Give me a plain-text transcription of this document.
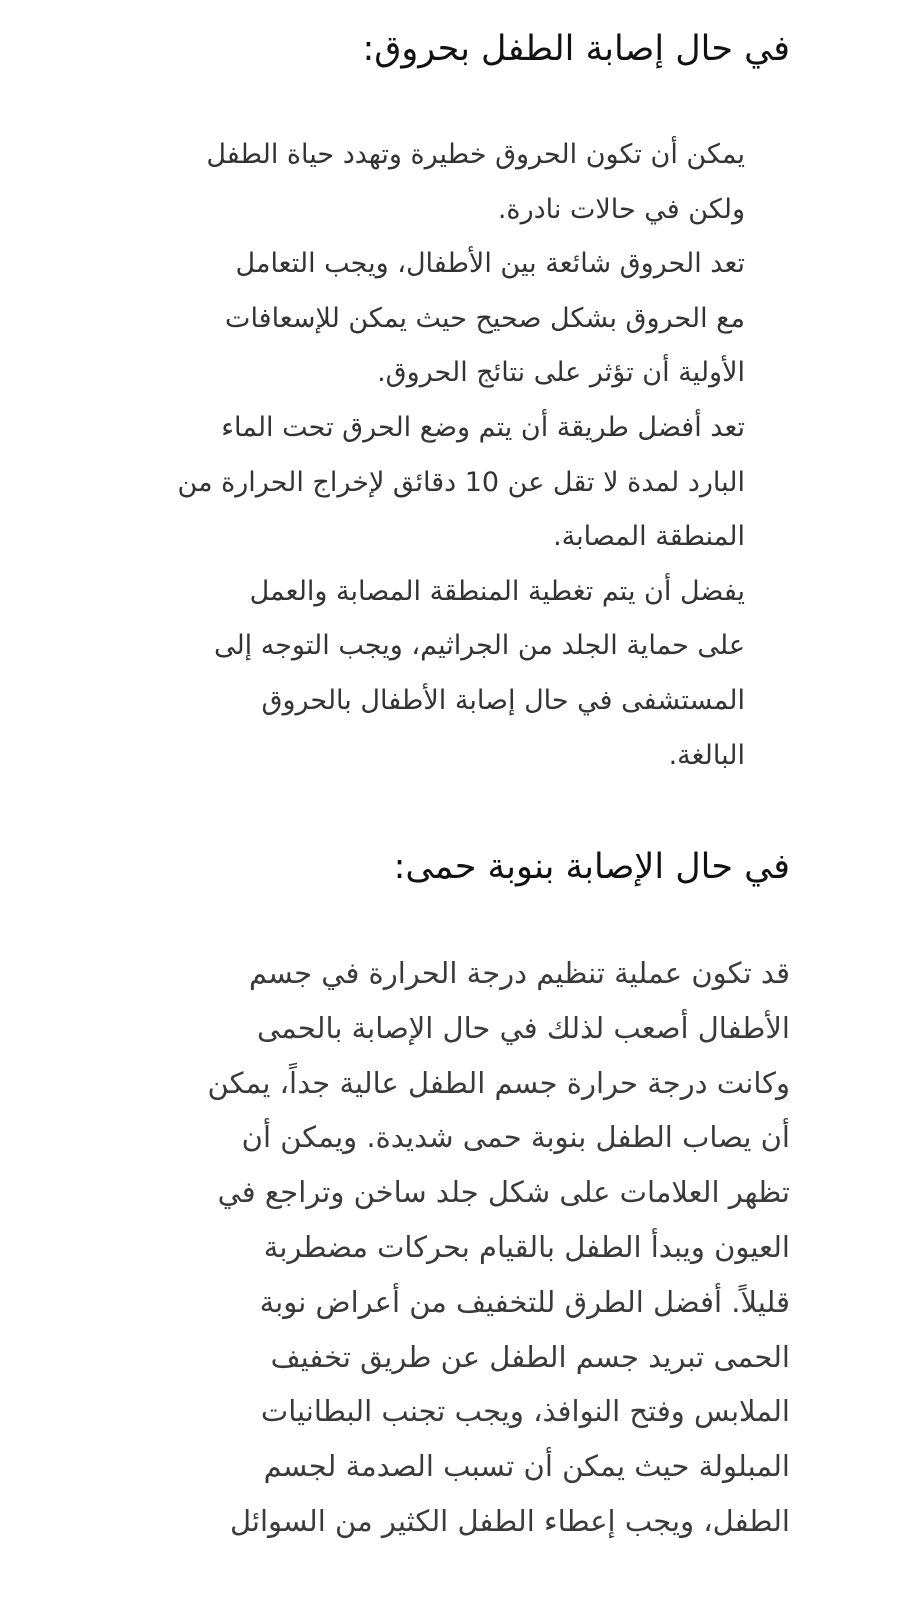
في حال إصابة الطفل بحروق:
يمكن أن تكون الحروق خطيرة وتهدد حياة الطفل
ولكن في حالات نادرة.
تعد الحروق شائعة بين الأطفال، ويجب التعامل
مع الحروق بشكل صحيح حيث يمكن للإسعافات
الأولية أن تؤثر على نتائج الحروق.
تعد أفضل طريقة أن يتم وضع الحرق تحت الماء
البارد لمدة لا تقل عن 10 دقائق لإخراج الحرارة من
المنطقة المصابة.
يفضل أن يتم تغطية المنطقة المصابة والعمل
على حماية الجلد من الجراثيم، ويجب التوجه إلى
المستشفى في حال إصابة الأطفال بالحروق
البالغة.
في حال الإصابة بنوبة حمى:
قد تكون عملية تنظيم درجة الحرارة في جسم
الأطفال أصعب لذلك في حال الإصابة بالحمى
وكانت درجة حرارة جسم الطفل عالية جداً، يمكن
أن يصاب الطفل بنوبة حمى شديدة. ويمكن أن
تظهر العلامات على شكل جلد ساخن وتراجع في
العيون ويبدأ الطفل بالقيام بحركات مضطربة
قليلاً. أفضل الطرق للتخفيف من أعراض نوبة
الحمى تبريد جسم الطفل عن طريق تخفيف
الملابس وفتح النوافذ، ويجب تجنب البطانيات
المبلولة حيث يمكن أن تسبب الصدمة لجسم
الطفل، ويجب إعطاء الطفل الكثير من السوائل
